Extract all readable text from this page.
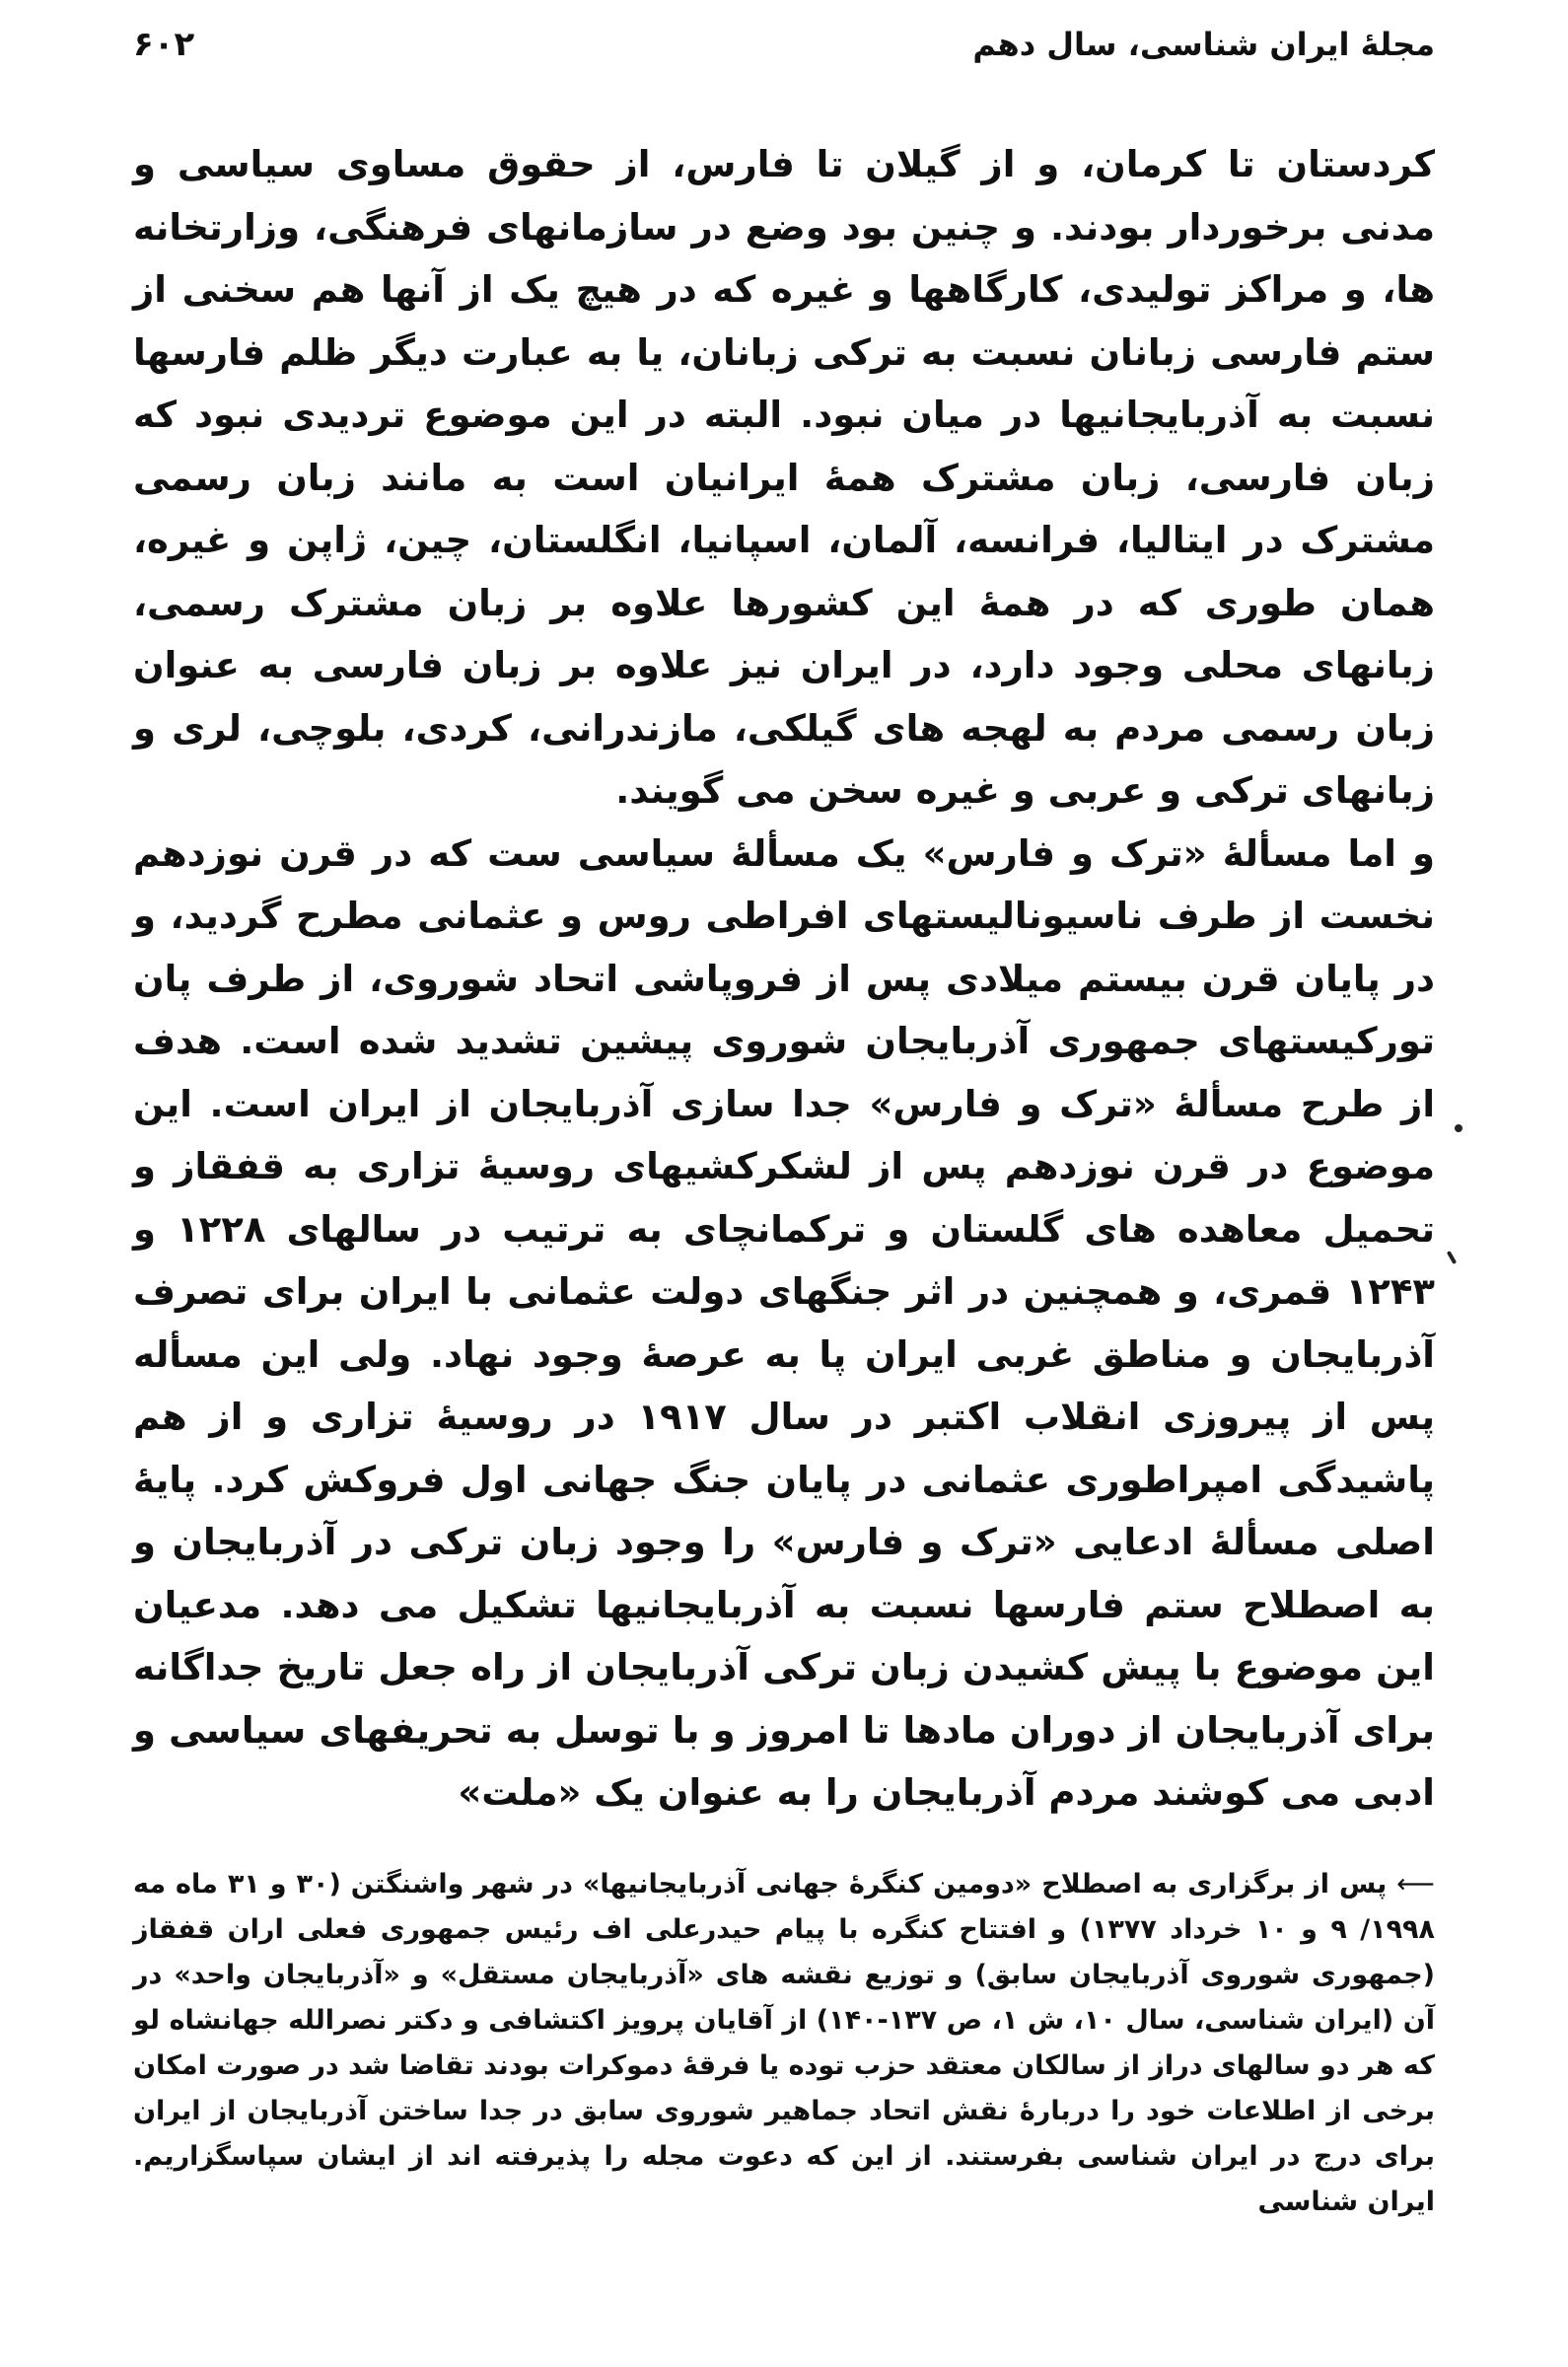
مجلهٔ ایران شناسی، سال دهم
۶۰۲
کردستان تا کرمان، و از گیلان تا فارس، از حقوق مساوی سیاسی و مدنی برخوردار بودند. و چنین بود وضع در سازمانهای فرهنگی، وزارتخانه ها، و مراکز تولیدی، کارگاهها و غیره که در هیچ یک از آنها هم سخنی از ستم فارسی زبانان نسبت به ترکی زبانان، یا به عبارت دیگر ظلم فارسها نسبت به آذربایجانیها در میان نبود. البته در این موضوع تردیدی نبود که زبان فارسی، زبان مشترک همهٔ ایرانیان است به مانند زبان رسمی مشترک در ایتالیا، فرانسه، آلمان، اسپانیا، انگلستان، چین، ژاپن و غیره، همان طوری که در همهٔ این کشورها علاوه بر زبان مشترک رسمی، زبانهای محلی وجود دارد، در ایران نیز علاوه بر زبان فارسی به عنوان زبان رسمی مردم به لهجه های گیلکی، مازندرانی، کردی، بلوچی، لری و زبانهای ترکی و عربی و غیره سخن می گویند.
و اما مسألهٔ «ترک و فارس» یک مسألهٔ سیاسی ست که در قرن نوزدهم نخست از طرف ناسیونالیستهای افراطی روس و عثمانی مطرح گردید، و در پایان قرن بیستم میلادی پس از فروپاشی اتحاد شوروی، از طرف پان تورکیستهای جمهوری آذربایجان شوروی پیشین تشدید شده است. هدف از طرح مسألهٔ «ترک و فارس» جدا سازی آذربایجان از ایران است. این موضوع در قرن نوزدهم پس از لشکرکشیهای روسیهٔ تزاری به قفقاز و تحمیل معاهده های گلستان و ترکمانچای به ترتیب در سالهای ۱۲۲۸ و ۱۲۴۳ قمری، و همچنین در اثر جنگهای دولت عثمانی با ایران برای تصرف آذربایجان و مناطق غربی ایران پا به عرصهٔ وجود نهاد. ولی این مسأله پس از پیروزی انقلاب اکتبر در سال ۱۹۱۷ در روسیهٔ تزاری و از هم پاشیدگی امپراطوری عثمانی در پایان جنگ جهانی اول فروکش کرد. پایهٔ اصلی مسألهٔ ادعایی «ترک و فارس» را وجود زبان ترکی در آذربایجان و به اصطلاح ستم فارسها نسبت به آذربایجانیها تشکیل می دهد. مدعیان این موضوع با پیش کشیدن زبان ترکی آذربایجان از راه جعل تاریخ جداگانه برای آذربایجان از دوران مادها تا امروز و با توسل به تحریفهای سیاسی و ادبی می کوشند مردم آذربایجان را به عنوان یک «ملت»
⟵پس از برگزاری به اصطلاح «دومین کنگرهٔ جهانی آذربایجانیها» در شهر واشنگتن (۳۰ و ۳۱ ماه مه ۱۹۹۸/ ۹ و ۱۰ خرداد ۱۳۷۷) و افتتاح کنگره با پیام حیدرعلی اف رئیس جمهوری فعلی اران قفقاز (جمهوری شوروی آذربایجان سابق) و توزیع نقشه های «آذربایجان مستقل» و «آذربایجان واحد» در آن (ایران شناسی، سال ۱۰، ش ۱، ص ۱۳۷-۱۴۰) از آقایان پرویز اکتشافی و دکتر نصرالله جهانشاه لو که هر دو سالهای دراز از سالکان معتقد حزب توده یا فرقهٔ دموکرات بودند تقاضا شد در صورت امکان برخی از اطلاعات خود را دربارهٔ نقش اتحاد جماهیر شوروی سابق در جدا ساختن آذربایجان از ایران برای درج در ایران شناسی بفرستند. از این که دعوت مجله را پذیرفته اند از ایشان سپاسگزاریم. ایران شناسی
